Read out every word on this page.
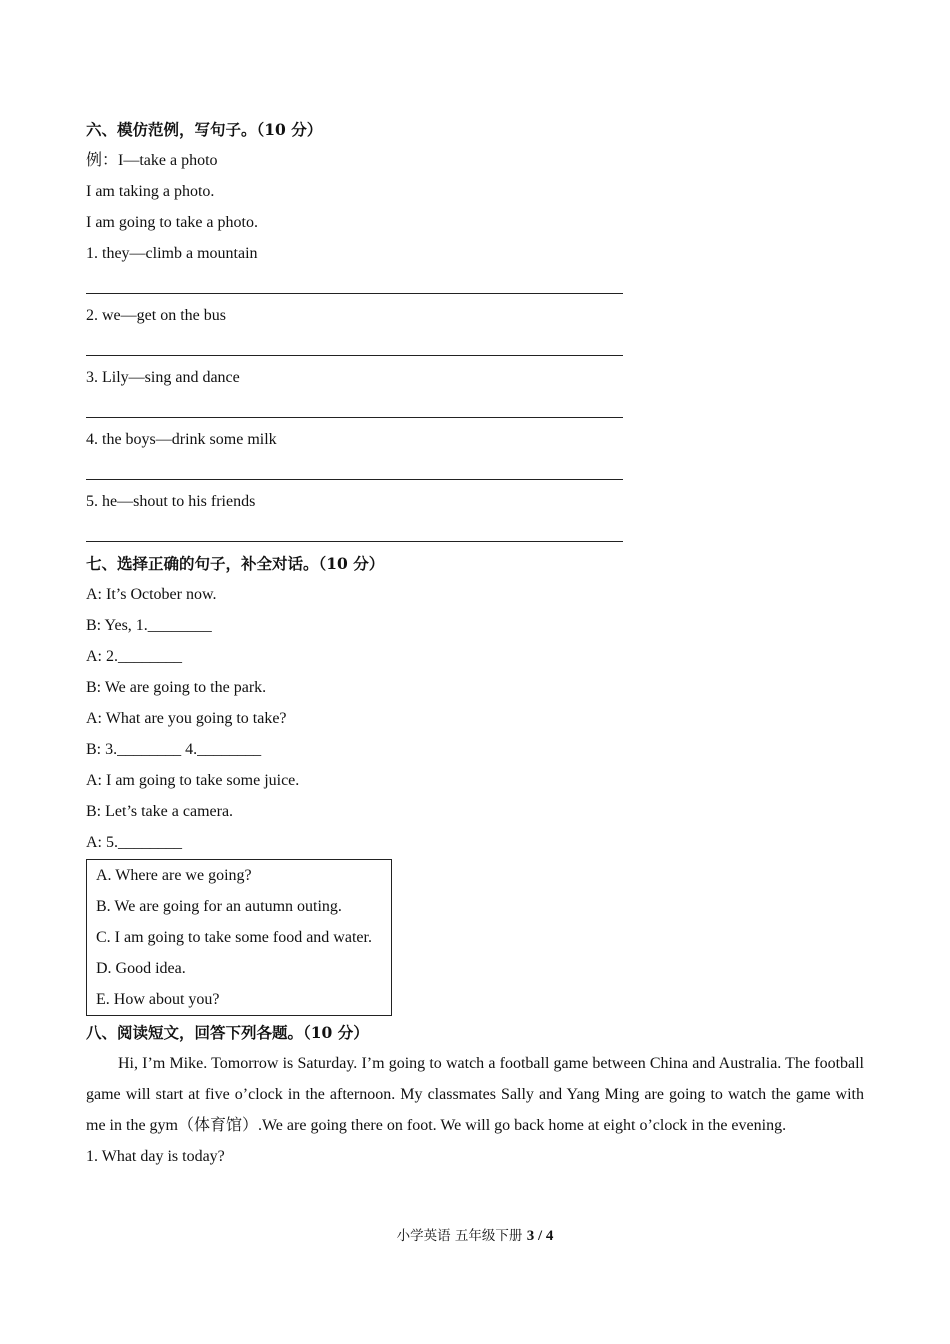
六、模仿范例，写句子。（10 分）
例：I—take a photo
I am taking a photo.
I am going to take a photo.
1. they—climb a mountain
2. we—get on the bus
3. Lily—sing and dance
4. the boys—drink some milk
5. he—shout to his friends
七、选择正确的句子，补全对话。（10 分）
A: It’s October now.
B: Yes, 1.________
A: 2.________
B: We are going to the park.
A: What are you going to take?
B: 3.________ 4.________
A: I am going to take some juice.
B: Let’s take a camera.
A: 5.________
A. Where are we going?
B. We are going for an autumn outing.
C. I am going to take some food and water.
D. Good idea.
E. How about you?
八、阅读短文，回答下列各题。（10 分）

Hi, I’m Mike. Tomorrow is Saturday. I’m going to watch a football game between China and Australia. The football game will start at five o’clock in the afternoon. My classmates Sally and Yang Ming are going to watch the game with me in the gym（体育馆）.We are going there on foot. We will go back home at eight o’clock in the evening.

1. What day is today?
小学英语 五年级下册 3 / 4
